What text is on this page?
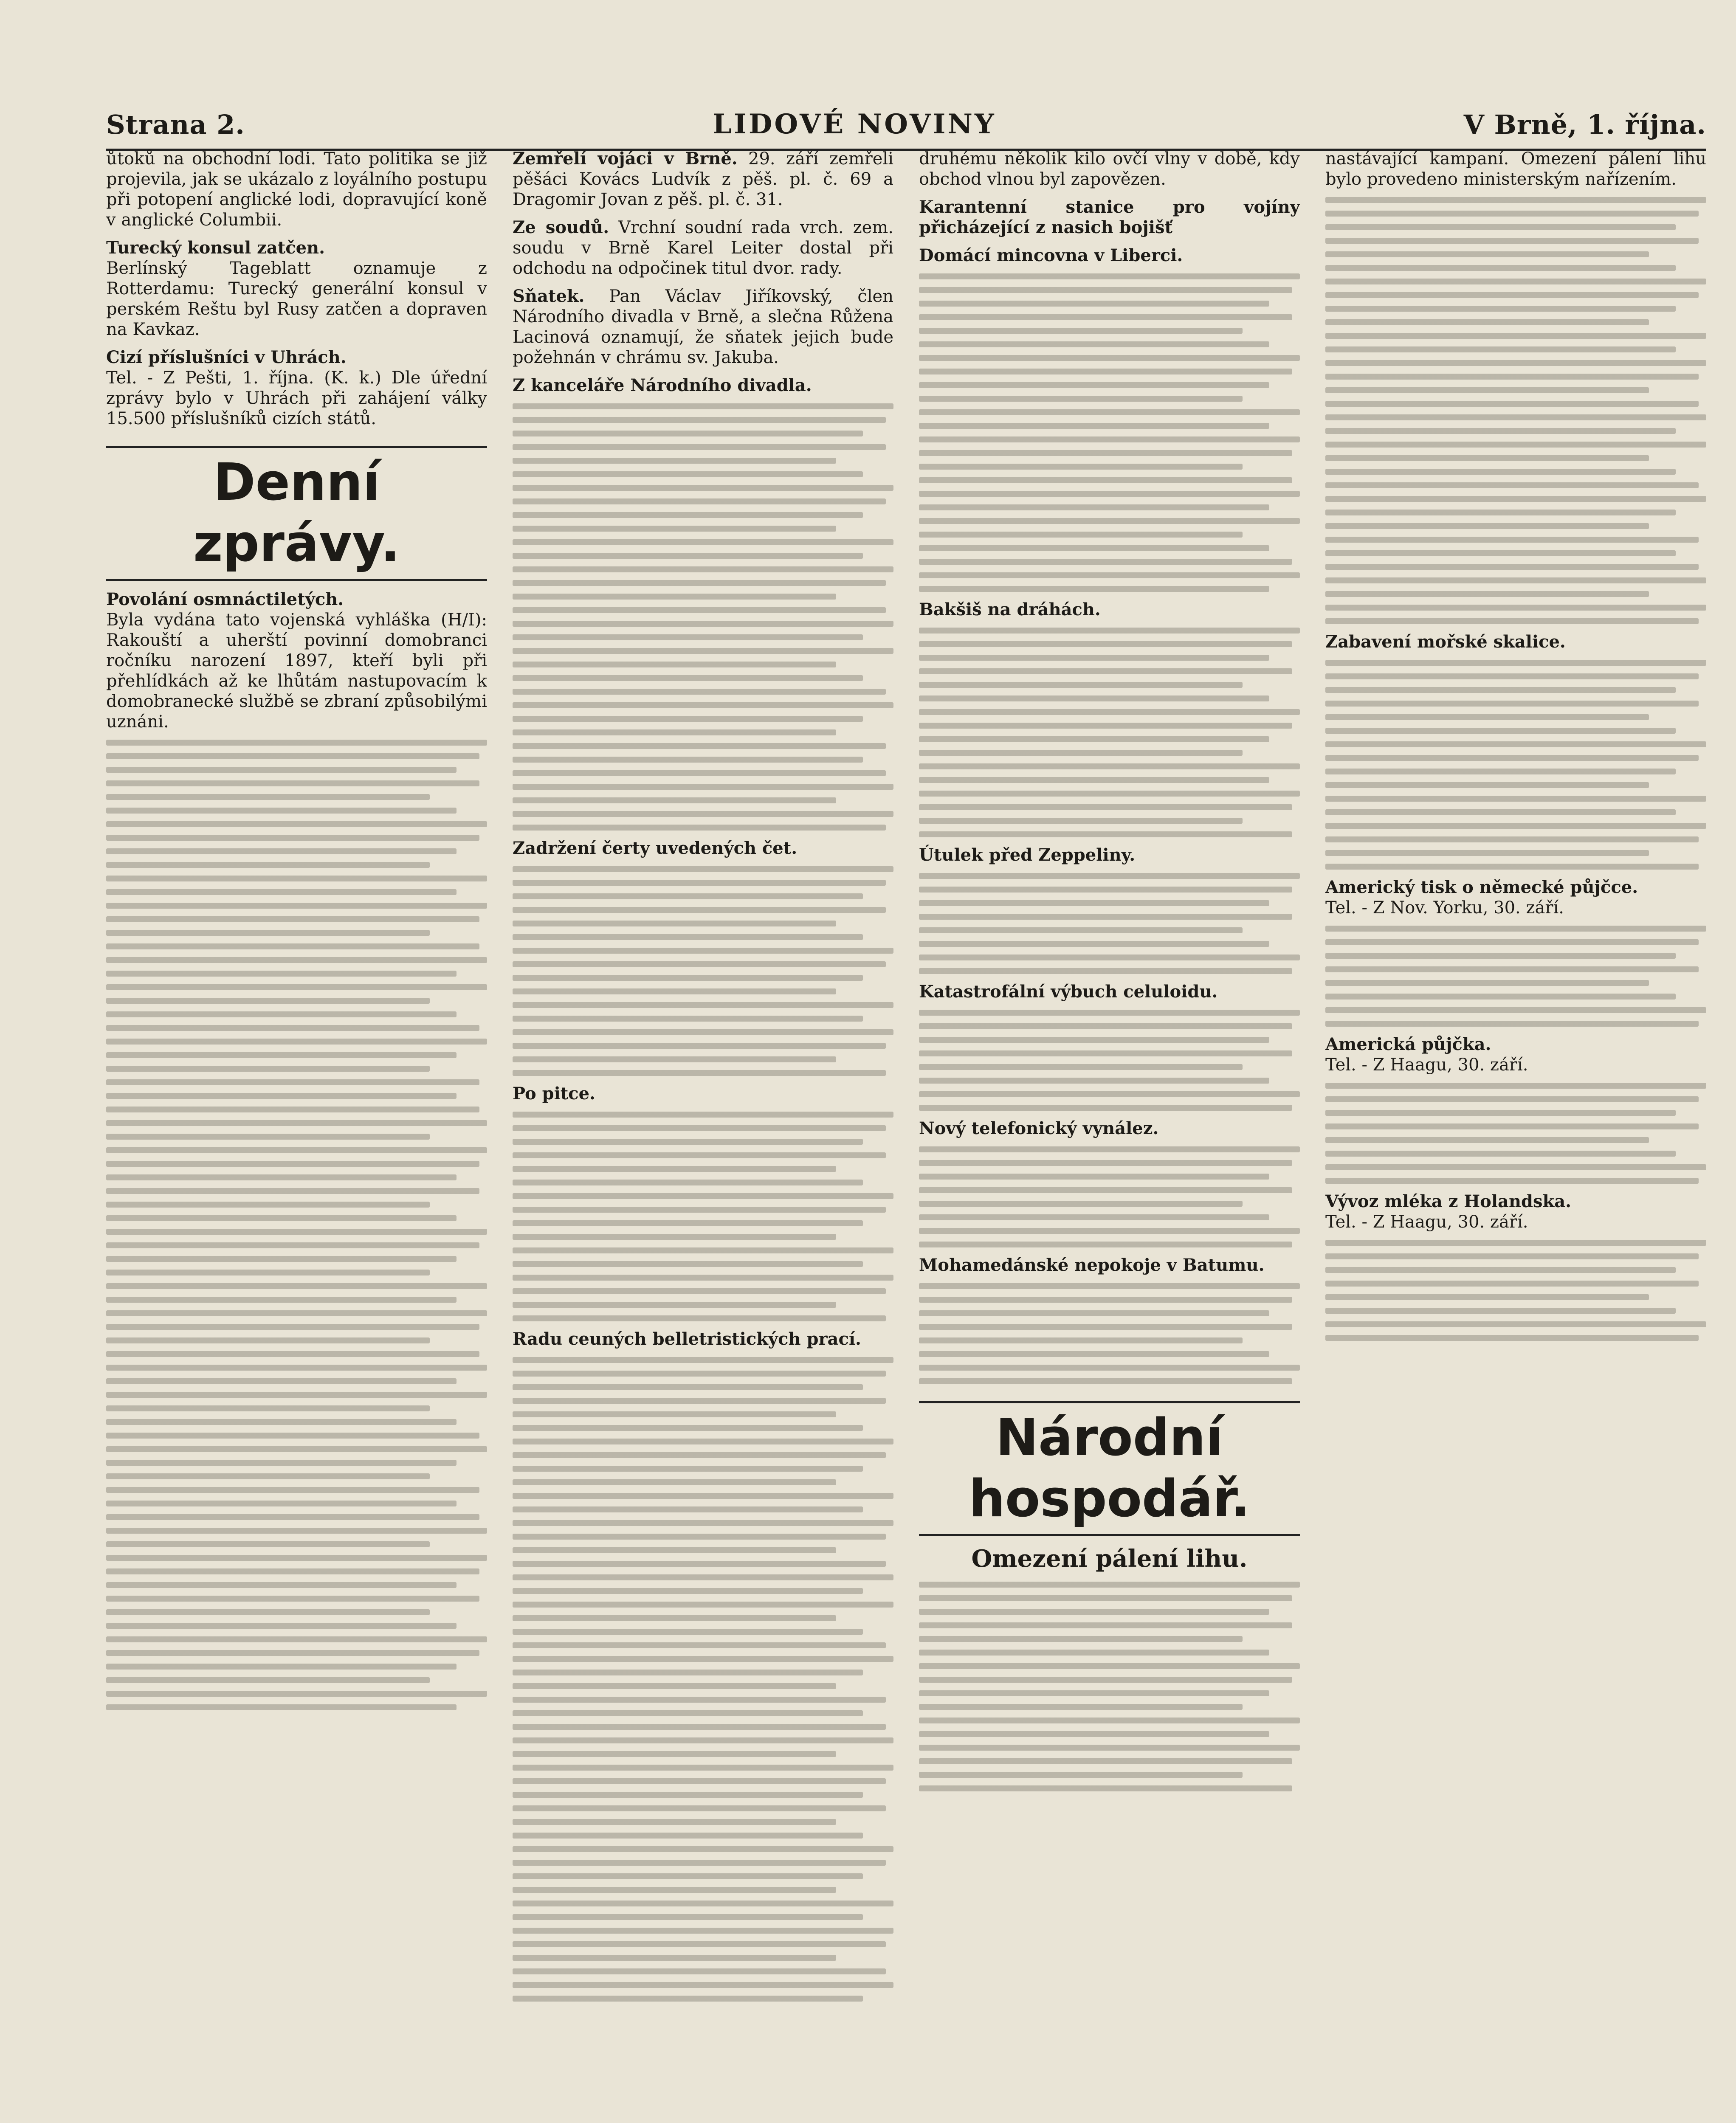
Strana 2.	LIDOVÉ NOVINY	V Brně, 1. října.
ůtoků na obchodní lodi. Tato politika se již projevila, jak se ukázalo z loyálního postupu při potopení anglické lodi, dopravující koně v anglické Columbii.
Turecký konsul zatčen.
Berlínský Tageblatt oznamuje z Rotterdamu: Turecký generální konsul v perském Reštu byl Rusy zatčen a dopraven na Kavkaz.
Cizí příslušníci v Uhrách.
Tel. - Z Pešti, 1. října. (K. k.) Dle úřední zprávy bylo v Uhrách při zahájení války 15.500 příslušníků cizích států.
Denní zprávy.
Povolání osmnáctiletých.
Byla vydána tato vojenská vyhláška (H/I): Rakouští a uherští povinní domobranci ročníku narození 1897, kteří byli při přehlídkách až ke lhůtám nastupovacím k domobranecké službě se zbraní způsobilými uznáni.
Zemřelí vojáci v Brně. 29. září zemřeli pěšáci Kovács Ludvík z pěš. pl. č. 69 a Dragomir Jovan z pěš. pl. č. 31.
Ze soudů. Vrchní soudní rada vrch. zem. soudu v Brně Karel Leiter dostal při odchodu na odpočinek titul dvor. rady.
Sňatek. Pan Václav Jiříkovský, člen Národního divadla v Brně, a slečna Růžena Lacinová oznamují, že sňatek jejich bude požehnán v chrámu sv. Jakuba.
Z kanceláře Národního divadla.
Zadržení čerty uvedených čet.
Po pitce.
Radu ceuných belletristických prací.
druhému několik kilo ovčí vlny v době, kdy obchod vlnou byl zapovězen.
Karantenní stanice pro vojíny přicházející z nasich bojišť
Domácí mincovna v Liberci.
Bakšiš na dráhách.
Útulek před Zeppeliny.
Katastrofální výbuch celuloidu.
Nový telefonický vynález.
Mohamedánské nepokoje v Batumu.
Národní hospodář.
Omezení pálení lihu.
nastávající kampaní. Omezení pálení lihu bylo provedeno ministerským nařízením.
Zabavení mořské skalice.
Americký tisk o německé půjčce.
Tel. - Z Nov. Yorku, 30. září.
Americká půjčka.
Tel. - Z Haagu, 30. září.
Vývoz mléka z Holandska.
Tel. - Z Haagu, 30. září.
